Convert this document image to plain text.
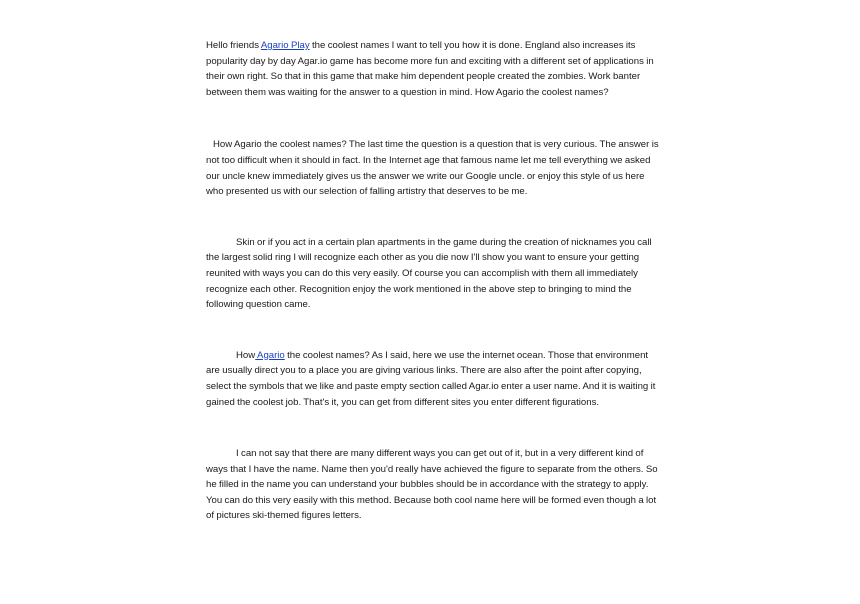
Hello friends Agario Play the coolest names I want to tell you how it is done. England also increases its popularity day by day Agar.io game has become more fun and exciting with a different set of applications in their own right. So that in this game that make him dependent people created the zombies. Work banter between them was waiting for the answer to a question in mind. How Agario the coolest names?

How Agario the coolest names? The last time the question is a question that is very curious. The answer is not too difficult when it should in fact. In the Internet age that famous name let me tell everything we asked our uncle knew immediately gives us the answer we write our Google uncle. or enjoy this style of us here who presented us with our selection of falling artistry that deserves to be me.

Skin or if you act in a certain plan apartments in the game during the creation of nicknames you call the largest solid ring I will recognize each other as you die now I'll show you want to ensure your getting reunited with ways you can do this very easily. Of course you can accomplish with them all immediately recognize each other. Recognition enjoy the work mentioned in the above step to bringing to mind the following question came.

How Agario the coolest names? As I said, here we use the internet ocean. Those that environment are usually direct you to a place you are giving various links. There are also after the point after copying, select the symbols that we like and paste empty section called Agar.io enter a user name. And it is waiting it gained the coolest job. That's it, you can get from different sites you enter different figurations.

I can not say that there are many different ways you can get out of it, but in a very different kind of ways that I have the name. Name then you'd really have achieved the figure to separate from the others. So he filled in the name you can understand your bubbles should be in accordance with the strategy to apply. You can do this very easily with this method. Because both cool name here will be formed even though a lot of pictures ski-themed figures letters.
